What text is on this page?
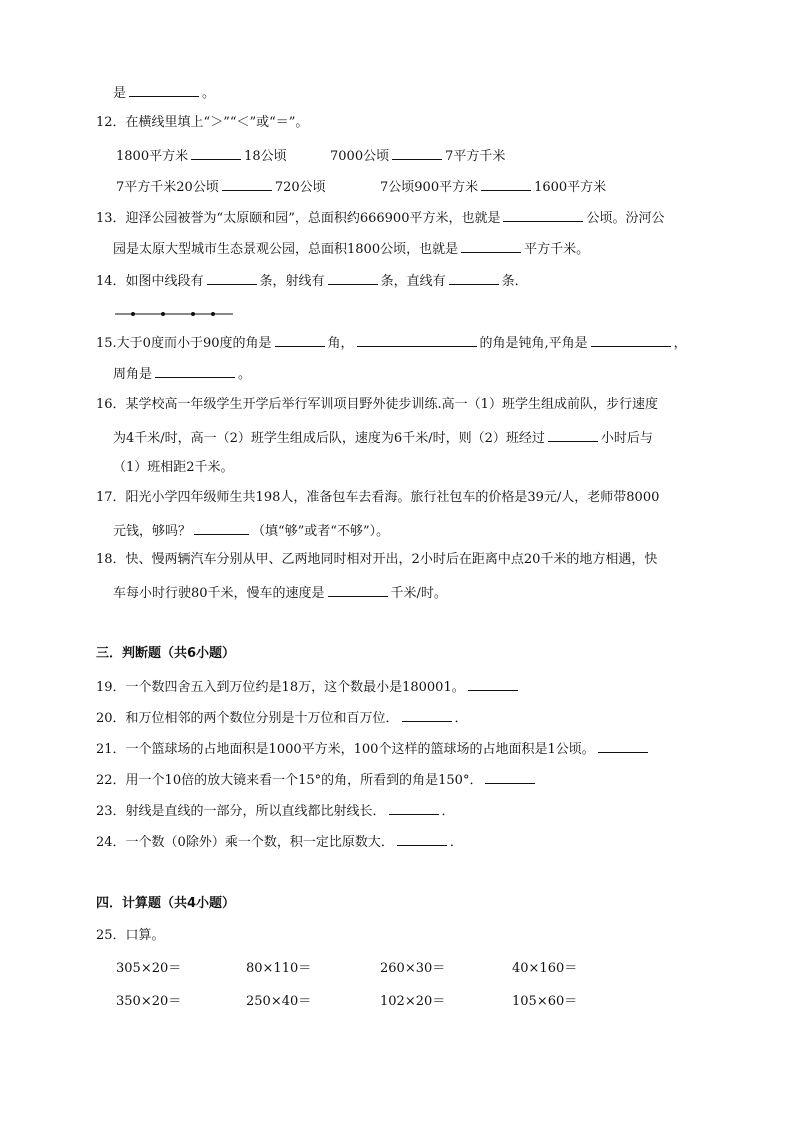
是	。
12．在横线里填上“＞”“＜”或“＝”。
1800平方米	18公顷	7000公顷	7平方千米
7平方千米20公顷	720公顷	7公顷900平方米	1600平方米
13．迎泽公园被誉为“太原颐和园”，总面积约666900平方米，也就是	公顷。汾河公
园是太原大型城市生态景观公园，总面积1800公顷，也就是	平方千米。
14．如图中线段有	条，射线有	条，直线有	条．
15.大于0度而小于90度的角是	角，	的角是钝角,平角是	，
周角是	。
16．某学校高一年级学生开学后举行军训项目野外徒步训练.高一（1）班学生组成前队，步行速度
为4千米/时，高一（2）班学生组成后队，速度为6千米/时，则（2）班经过	小时后与
（1）班相距2千米。
17．阳光小学四年级师生共198人，准备包车去看海。旅行社包车的价格是39元/人，老师带8000
元钱，够吗？	（填“够”或者“不够”）。
18．快、慢两辆汽车分别从甲、乙两地同时相对开出，2小时后在距离中点20千米的地方相遇，快
车每小时行驶80千米，慢车的速度是	千米/时。
三．判断题（共6小题）
19．一个数四舍五入到万位约是18万，这个数最小是180001。
20．和万位相邻的两个数位分别是十万位和百万位．	．
21．一个篮球场的占地面积是1000平方米，100个这样的篮球场的占地面积是1公顷。
22．用一个10倍的放大镜来看一个15°的角，所看到的角是150°．
23．射线是直线的一部分，所以直线都比射线长．	．
24．一个数（0除外）乘一个数，积一定比原数大．	．
四．计算题（共4小题）
25．口算。
305×20＝	80×110＝	260×30＝	40×160＝
350×20＝	250×40＝	102×20＝	105×60＝
